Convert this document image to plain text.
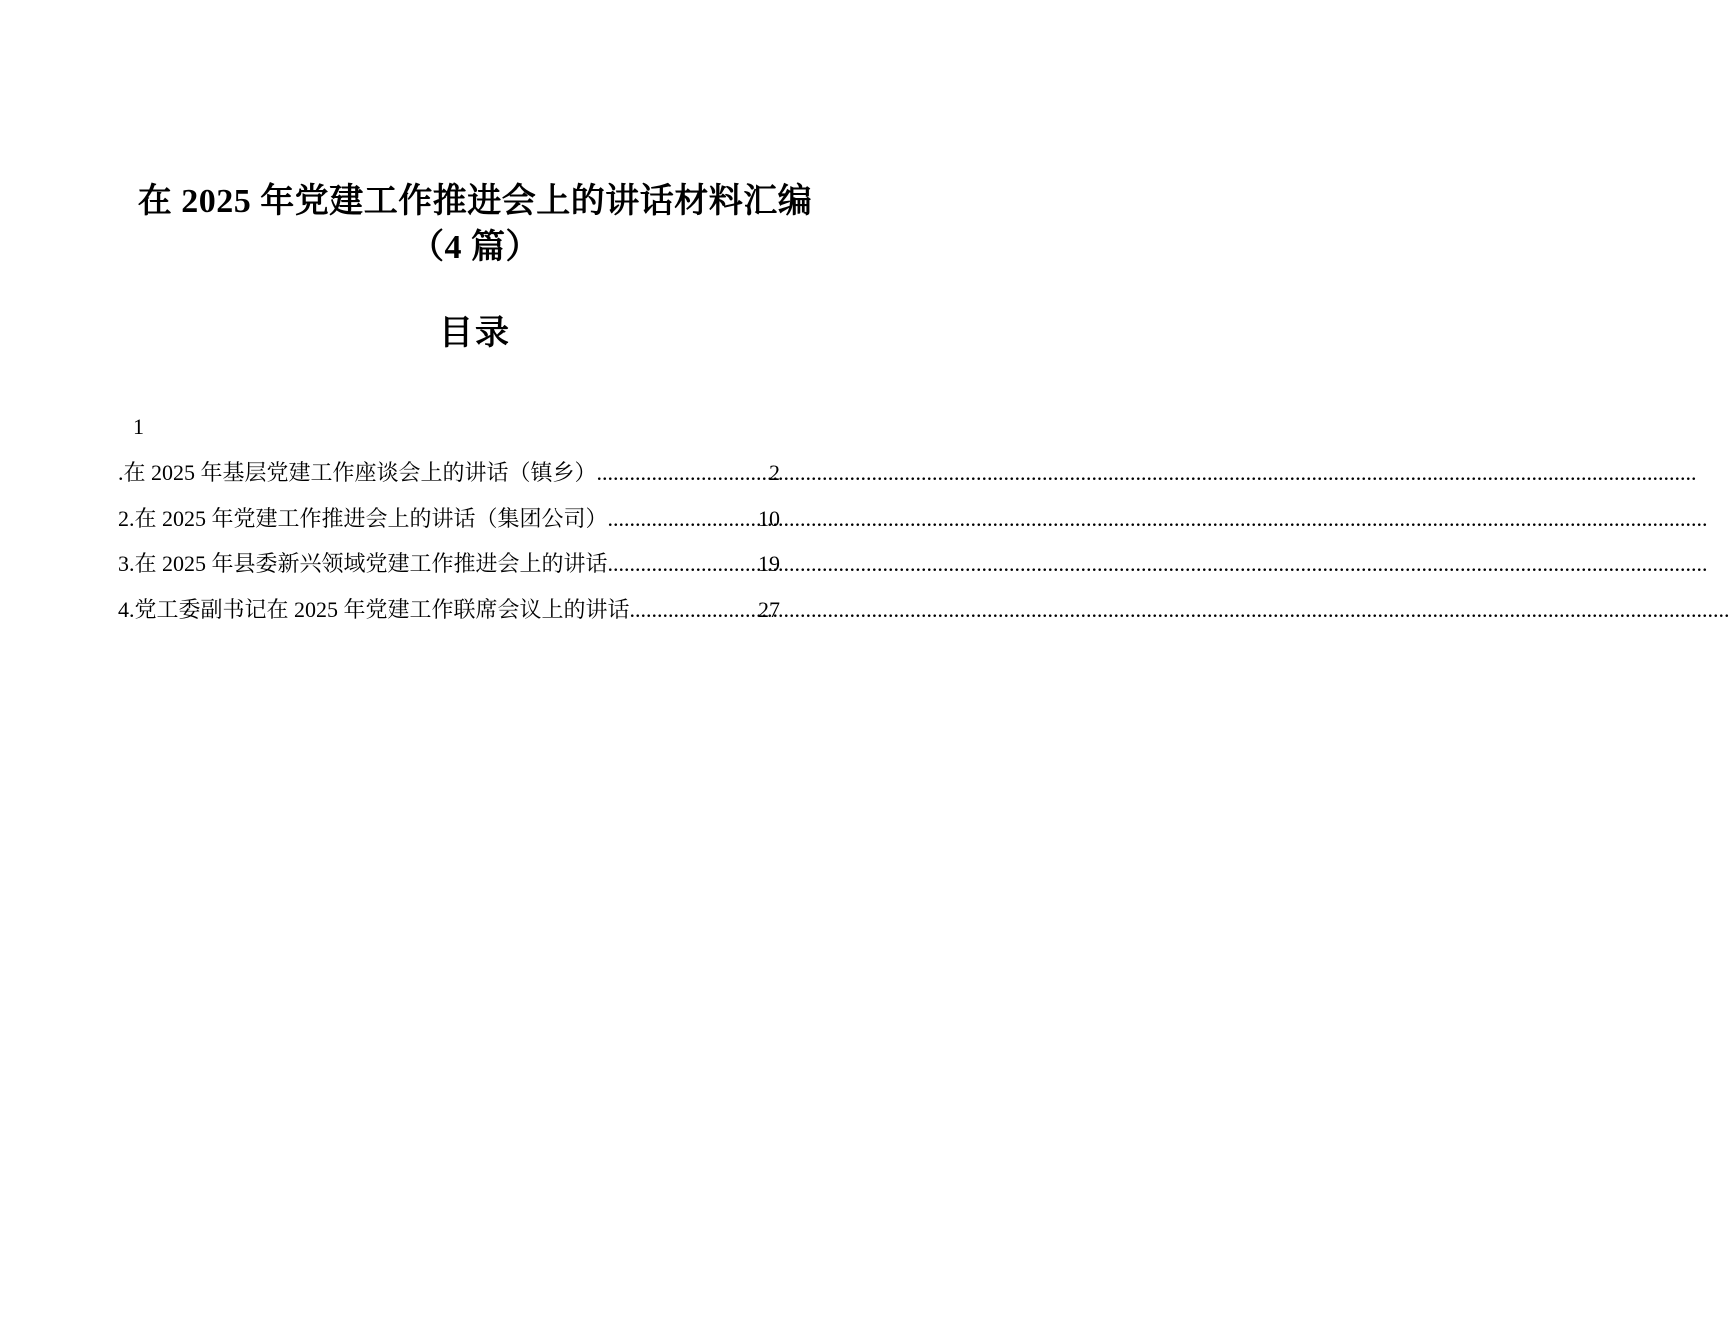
在 2025 年党建工作推进会上的讲话材料汇编
（4 篇）
目录
1
.在 2025 年基层党建工作座谈会上的讲话（镇乡） .....	2
2.在 2025 年党建工作推进会上的讲话（集团公司） .....	10
3.在 2025 年县委新兴领域党建工作推进会上的讲话 .....	19
4.党工委副书记在 2025 年党建工作联席会议上的讲话 .....	27
